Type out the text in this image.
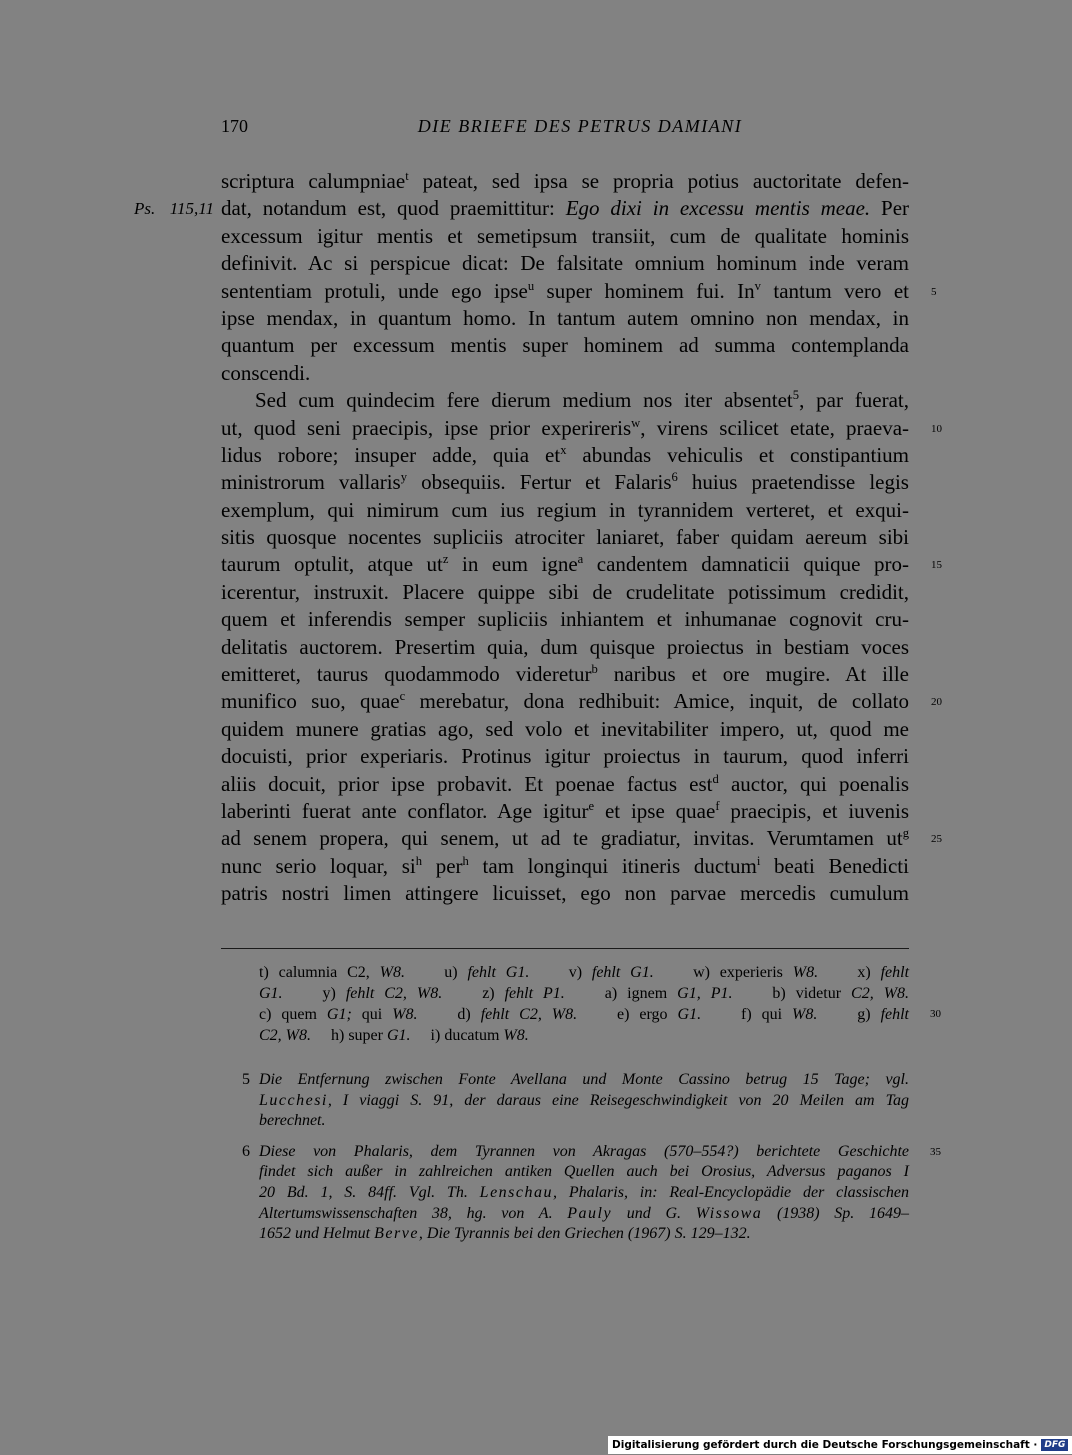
170	DIE BRIEFE DES PETRUS DAMIANI
scriptura calumpniae$^t$ pateat, sed ipsa se propria potius auctoritate defen-
Ps. 115,11 dat, notandum est, quod praemittitur: Ego dixi in excessu mentis meae. Per
excessum igitur mentis et semetipsum transiit, cum de qualitate hominis
definivit. Ac si perspicue dicat: De falsitate omnium hominum inde veram
sententiam protuli, unde ego ipse$^u$ super hominem fui. In$^v$ tantum vero et 5
ipse mendax, in quantum homo. In tantum autem omnino non mendax, in
quantum per excessum mentis super hominem ad summa contemplanda
conscendi.
Sed cum quindecim fere dierum medium nos iter absentet$^5$, par fuerat,
ut, quod seni praecipis, ipse prior experireris$^w$, virens scilicet etate, praeva- 10
lidus robore; insuper adde, quia $et^x$ abundas vehiculis et constipantium
ministrorum vallaris$^y$ obsequiis. Fertur et Falaris$^6$ huius praetendisse legis
exemplum, qui nimirum cum ius regium in tyrannidem verteret, et exqui-
sitis quosque nocentes supliciis atrociter laniaret, faber quidam aereum sibi
taurum optulit, atque $ut^z$ in eum igne$^a$ candentem damnaticii quique pro- 15
icerentur, instruxit. Placere quippe sibi de crudelitate potissimum credidit,
quem et inferendis semper supliciis inhiantem et inhumanae cognovit cru-
delitatis auctorem. Presertim quia, dum quisque proiectus in bestiam voces
emitteret, taurus quodammodo videretur$^b$ naribus et ore mugire. At ille
munifico suo, quae$^c$ merebatur, dona redhibuit: Amice, inquit, de collato 20
quidem munere gratias ago, sed volo et inevitabiliter impero, ut, quod me
docuisti, prior experiaris. Protinus igitur proiectus in taurum, quod inferri
aliis docuit, prior ipse probavit. Et poenae factus est$^d$ auctor, qui poenalis
laberinti fuerat ante conflator. Age igitur$^e$ et ipse quae$^f$ praecipis, et iuvenis
ad senem propera, qui senem, ut ad te gradiatur, invitas. Verumtamen $ut^g$ 25
nunc serio loquar, $si^h$ per$^h$ tam longinqui itineris ductum$^i$ beati Benedicti
patris nostri limen attingere licuisset, ego non parvae mercedis cumulum
t) calumnia C2, W8.    u) fehlt G1.    v) fehlt G1.    w) experieris W8.    x) fehlt
G1.    y) fehlt C2, W8.    z) fehlt P1.    a) ignem G1, P1.    b) videtur C2, W8.
c) quem G1; qui W8.    d) fehlt C2, W8.    e) ergo G1.    f) qui W8.    g) fehlt 30
C2, W8.     h) super G1.     i) ducatum W8.
5 Die Entfernung zwischen Fonte Avellana und Monte Cassino betrug 15 Tage; vgl.
Lucchesi, I viaggi S. 91, der daraus eine Reisegeschwindigkeit von 20 Meilen am Tag
berechnet.
6 Diese von Phalaris, dem Tyrannen von Akragas (570–554?) berichtete Geschichte 35
findet sich außer in zahlreichen antiken Quellen auch bei Orosius, Adversus paganos I
20 Bd. 1, S. 84ff. Vgl. Th. Lenschau, Phalaris, in: Real-Encyclopädie der classischen
Altertumswissenschaften 38, hg. von A. Pauly und G. Wissowa (1938) Sp. 1649–
1652 und Helmut Berve, Die Tyrannis bei den Griechen (1967) S. 129–132.
Digitalisierung gefördert durch die Deutsche Forschungsgemeinschaft · DFG
